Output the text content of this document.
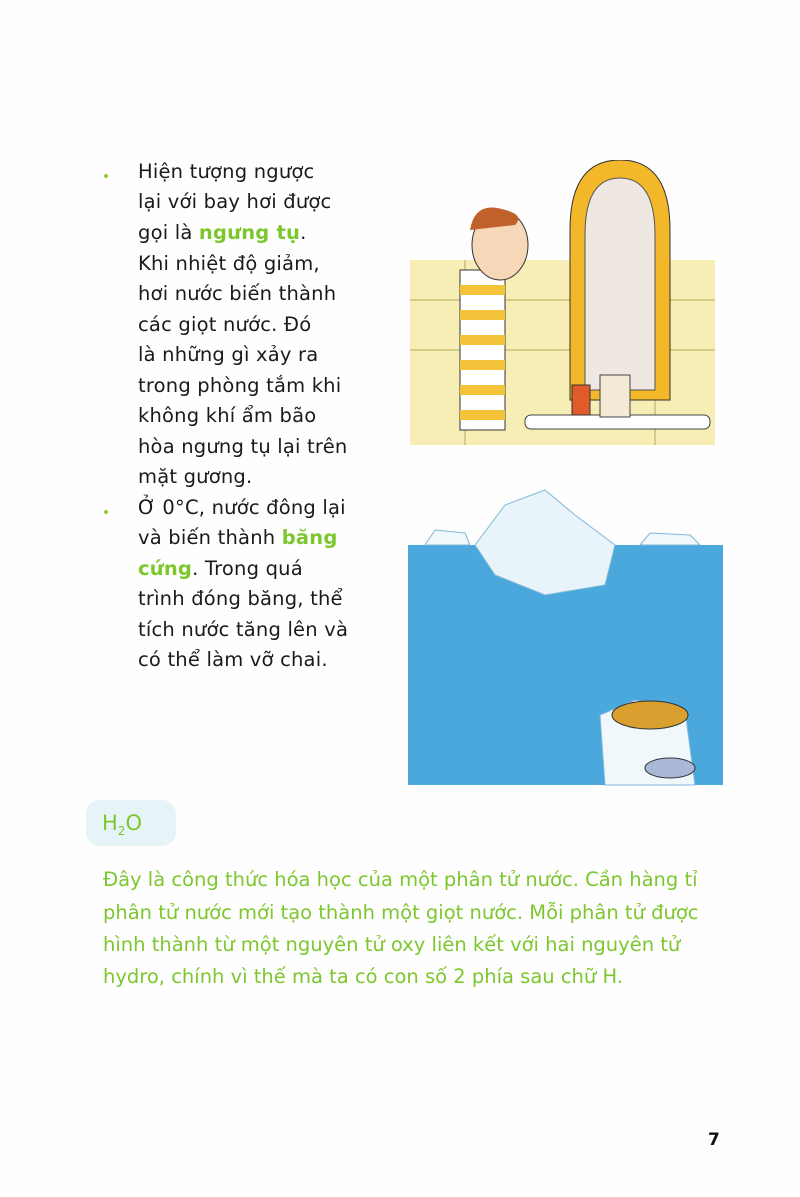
Hiện tượng ngược
lại với bay hơi được
gọi là ngưng tụ.
Khi nhiệt độ giảm,
hơi nước biến thành
các giọt nước. Đó
là những gì xảy ra
trong phòng tắm khi
không khí ẩm bão
hòa ngưng tụ lại trên
mặt gương.
Ở 0°C, nước đông lại
và biến thành băng
cứng. Trong quá
trình đóng băng, thể
tích nước tăng lên và
có thể làm vỡ chai.
$H_2O$
Đây là công thức hóa học của một phân tử nước. Cần hàng tỉ
phân tử nước mới tạo thành một giọt nước. Mỗi phân tử được
hình thành từ một nguyên tử oxy liên kết với hai nguyên tử
hydro, chính vì thế mà ta có con số 2 phía sau chữ H.
7
